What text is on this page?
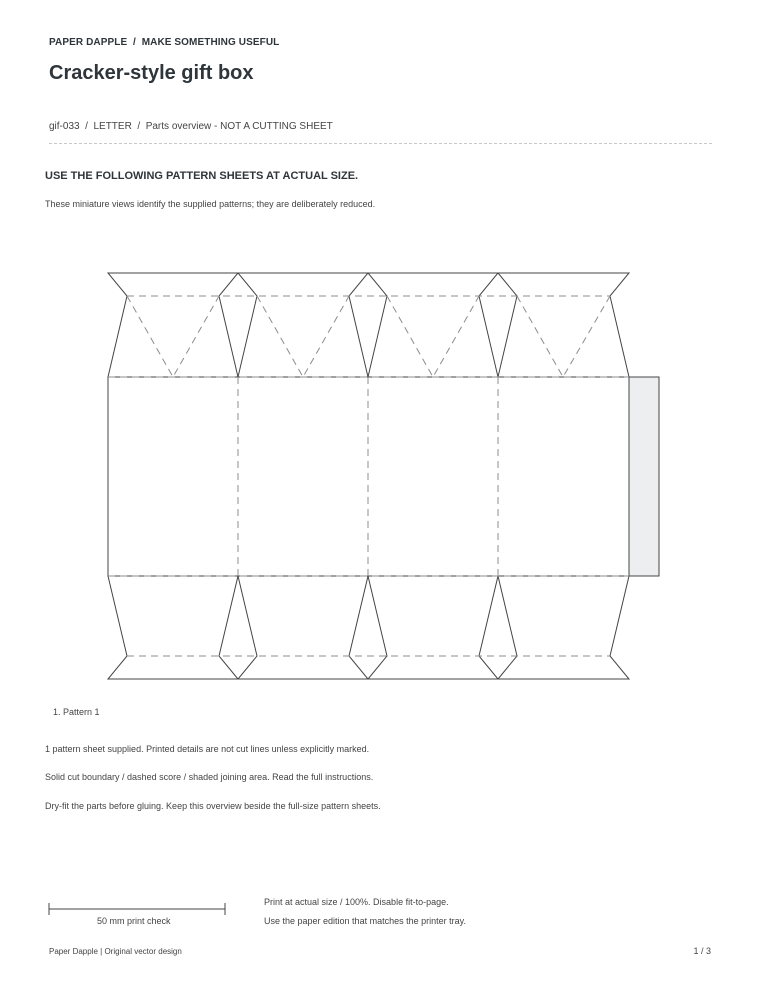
PAPER DAPPLE / MAKE SOMETHING USEFUL
Cracker-style gift box
gif-033  /  LETTER  /  Parts overview - NOT A CUTTING SHEET
USE THE FOLLOWING PATTERN SHEETS AT ACTUAL SIZE.
These miniature views identify the supplied patterns; they are deliberately reduced.
1. Pattern 1
1 pattern sheet supplied. Printed details are not cut lines unless explicitly marked.
Solid cut boundary / dashed score / shaded joining area. Read the full instructions.
Dry-fit the parts before gluing. Keep this overview beside the full-size pattern sheets.
50 mm print check
Print at actual size / 100%. Disable fit-to-page.
Use the paper edition that matches the printer tray.
Paper Dapple | Original vector design	1 / 3
